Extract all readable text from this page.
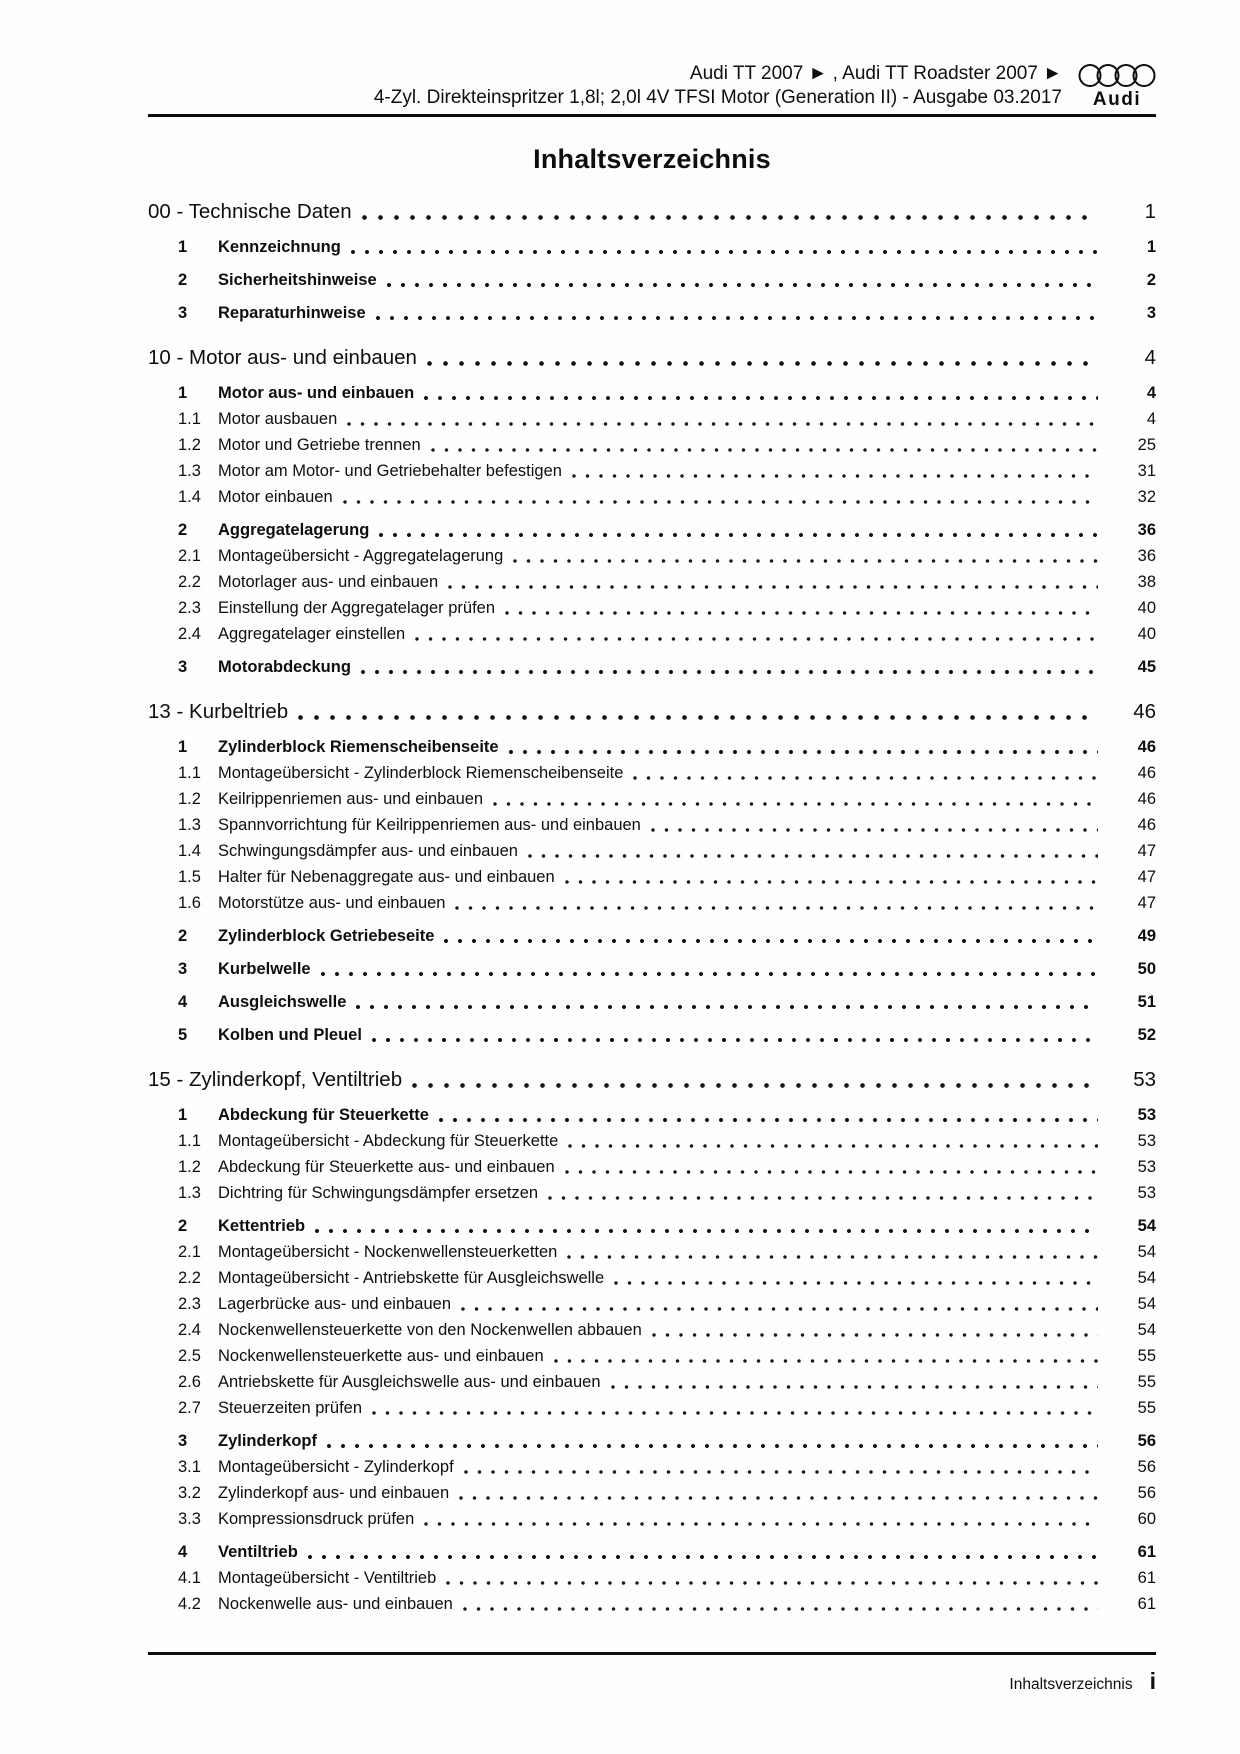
Audi TT 2007 ► , Audi TT Roadster 2007 ►
4-Zyl. Direkteinspritzer 1,8l; 2,0l 4V TFSI Motor (Generation II) - Ausgabe 03.2017 Audi
Inhaltsverzeichnis
00 - Technische Daten	1
1	Kennzeichnung	1
2	Sicherheitshinweise	2
3	Reparaturhinweise	3
10 - Motor aus- und einbauen	4
1	Motor aus- und einbauen	4
1.1	Motor ausbauen	4
1.2	Motor und Getriebe trennen	25
1.3	Motor am Motor- und Getriebehalter befestigen	31
1.4	Motor einbauen	32
2	Aggregatelagerung	36
2.1	Montageübersicht - Aggregatelagerung	36
2.2	Motorlager aus- und einbauen	38
2.3	Einstellung der Aggregatelager prüfen	40
2.4	Aggregatelager einstellen	40
3	Motorabdeckung	45
13 - Kurbeltrieb	46
1	Zylinderblock Riemenscheibenseite	46
1.1	Montageübersicht - Zylinderblock Riemenscheibenseite	46
1.2	Keilrippenriemen aus- und einbauen	46
1.3	Spannvorrichtung für Keilrippenriemen aus- und einbauen	46
1.4	Schwingungsdämpfer aus- und einbauen	47
1.5	Halter für Nebenaggregate aus- und einbauen	47
1.6	Motorstütze aus- und einbauen	47
2	Zylinderblock Getriebeseite	49
3	Kurbelwelle	50
4	Ausgleichswelle	51
5	Kolben und Pleuel	52
15 - Zylinderkopf, Ventiltrieb	53
1	Abdeckung für Steuerkette	53
1.1	Montageübersicht - Abdeckung für Steuerkette	53
1.2	Abdeckung für Steuerkette aus- und einbauen	53
1.3	Dichtring für Schwingungsdämpfer ersetzen	53
2	Kettentrieb	54
2.1	Montageübersicht - Nockenwellensteuerketten	54
2.2	Montageübersicht - Antriebskette für Ausgleichswelle	54
2.3	Lagerbrücke aus- und einbauen	54
2.4	Nockenwellensteuerkette von den Nockenwellen abbauen	54
2.5	Nockenwellensteuerkette aus- und einbauen	55
2.6	Antriebskette für Ausgleichswelle aus- und einbauen	55
2.7	Steuerzeiten prüfen	55
3	Zylinderkopf	56
3.1	Montageübersicht - Zylinderkopf	56
3.2	Zylinderkopf aus- und einbauen	56
3.3	Kompressionsdruck prüfen	60
4	Ventiltrieb	61
4.1	Montageübersicht - Ventiltrieb	61
4.2	Nockenwelle aus- und einbauen	61
Inhaltsverzeichnis i
